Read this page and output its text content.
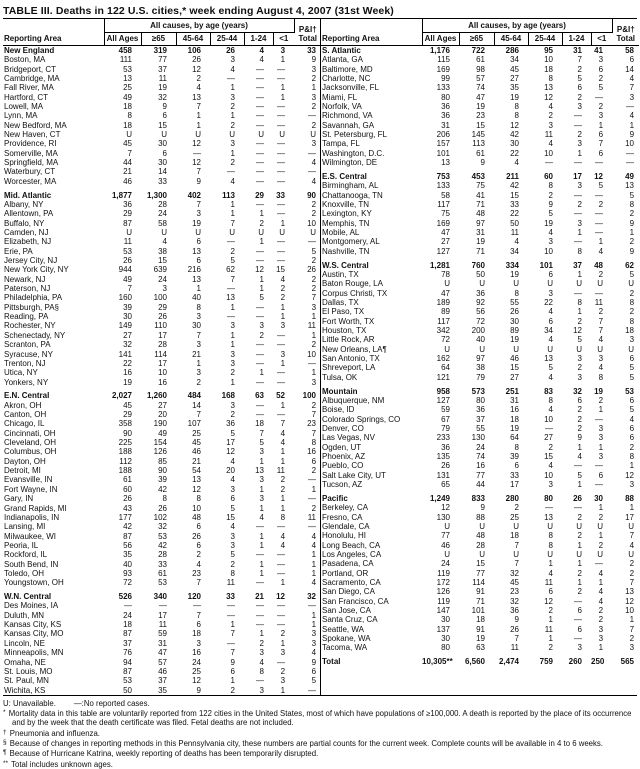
TABLE III. Deaths in 122 U.S. cities,* week ending August 4, 2007 (31st Week)
Reporting Area	All causes, by age (years)						P&I†
Total

	All Ages	≥65	45-64	25-44	1-24	<1	
New England	458	319	106	26	4	3	33
Boston, MA	111	77	26	3	4	1	9
Bridgeport, CT	53	37	12	4	—	—	3
Cambridge, MA	13	11	2	—	—	—	2
Fall River, MA	25	19	4	1	—	1	1
Hartford, CT	49	32	13	3	—	1	3
Lowell, MA	18	9	7	2	—	—	2
Lynn, MA	8	6	1	1	—	—	—
New Bedford, MA	18	15	1	2	—	—	2
New Haven, CT	U	U	U	U	U	U	U
Providence, RI	45	30	12	3	—	—	3
Somerville, MA	7	6	—	1	—	—	—
Springfield, MA	44	30	12	2	—	—	4
Waterbury, CT	21	14	7	—	—	—	—
Worcester, MA	46	33	9	4	—	—	4

Mid. Atlantic	1,877	1,300	402	113	29	33	90
Albany, NY	36	28	7	1	—	—	2
Allentown, PA	29	24	3	1	1	—	2
Buffalo, NY	87	58	19	7	2	1	10
Camden, NJ	U	U	U	U	U	U	U
Elizabeth, NJ	11	4	6	—	1	—	—
Erie, PA	53	38	13	2	—	—	5
Jersey City, NJ	26	15	6	5	—	—	2
New York City, NY	944	639	216	62	12	15	26
Newark, NJ	49	24	13	7	1	4	2
Paterson, NJ	7	3	1	—	1	2	2
Philadelphia, PA	160	100	40	13	5	2	7
Pittsburgh, PA§	39	29	8	1	—	1	3
Reading, PA	30	26	3	—	—	1	1
Rochester, NY	149	110	30	3	3	3	11
Schenectady, NY	27	17	7	1	2	—	1
Scranton, PA	32	28	3	1	—	—	2
Syracuse, NY	141	114	21	3	—	3	10
Trenton, NJ	22	17	1	3	—	1	—
Utica, NY	16	10	3	2	1	—	1
Yonkers, NY	19	16	2	1	—	—	3

E.N. Central	2,027	1,260	484	168	63	52	100
Akron, OH	45	27	14	3	—	1	2
Canton, OH	29	20	7	2	—	—	7
Chicago, IL	358	190	107	36	18	7	23
Cincinnati, OH	90	49	25	5	7	4	7
Cleveland, OH	225	154	45	17	5	4	8
Columbus, OH	188	126	46	12	3	1	16
Dayton, OH	112	85	21	4	1	1	6
Detroit, MI	188	90	54	20	13	11	2
Evansville, IN	61	39	13	4	3	2	—
Fort Wayne, IN	60	42	12	3	1	2	1
Gary, IN	26	8	8	6	3	1	—
Grand Rapids, MI	43	26	10	5	1	1	2
Indianapolis, IN	177	102	48	15	4	8	11
Lansing, MI	42	32	6	4	—	—	—
Milwaukee, WI	87	53	26	3	1	4	4
Peoria, IL	56	42	6	3	1	4	4
Rockford, IL	35	28	2	5	—	—	1
South Bend, IN	40	33	4	2	1	—	1
Toledo, OH	93	61	23	8	1	—	1
Youngstown, OH	72	53	7	11	—	1	4

W.N. Central	526	340	120	33	21	12	32
Des Moines, IA	—	—	—	—	—	—	—
Duluth, MN	24	17	7	—	—	—	1
Kansas City, KS	18	11	6	1	—	—	1
Kansas City, MO	87	59	18	7	1	2	3
Lincoln, NE	37	31	3	—	2	1	3
Minneapolis, MN	76	47	16	7	3	3	4
Omaha, NE	94	57	24	9	4	—	9
St. Louis, MO	87	46	25	6	8	2	6
St. Paul, MN	53	37	12	1	—	3	5
Wichita, KS	50	35	9	2	3	1	—
Reporting Area	All causes, by age (years)						P&I†
Total

	All Ages	≥65	45-64	25-44	1-24	<1	
S. Atlantic	1,176	722	286	95	31	41	58
Atlanta, GA	115	61	34	10	7	3	6
Baltimore, MD	169	98	45	18	2	6	14
Charlotte, NC	99	57	27	8	5	2	4
Jacksonville, FL	133	74	35	13	6	5	7
Miami, FL	80	47	19	12	2	—	3
Norfolk, VA	36	19	8	4	3	2	—
Richmond, VA	36	23	8	2	—	3	4
Savannah, GA	31	15	12	3	—	1	1
St. Petersburg, FL	206	145	42	11	2	6	9
Tampa, FL	157	113	30	4	3	7	10
Washington, D.C.	101	61	22	10	1	6	—
Wilmington, DE	13	9	4	—	—	—	—

E.S. Central	753	453	211	60	17	12	49
Birmingham, AL	133	75	42	8	3	5	13
Chattanooga, TN	58	41	15	2	—	—	5
Knoxville, TN	117	71	33	9	2	2	8
Lexington, KY	75	48	22	5	—	—	2
Memphis, TN	169	97	50	19	3	—	9
Mobile, AL	47	31	11	4	1	—	1
Montgomery, AL	27	19	4	3	—	1	2
Nashville, TN	127	71	34	10	8	4	9

W.S. Central	1,281	760	334	101	37	48	62
Austin, TX	78	50	19	6	1	2	5
Baton Rouge, LA	U	U	U	U	U	U	U
Corpus Christi, TX	47	36	8	3	—	—	2
Dallas, TX	189	92	55	22	8	11	8
El Paso, TX	89	56	26	4	1	2	2
Fort Worth, TX	117	72	30	6	2	7	8
Houston, TX	342	200	89	34	12	7	18
Little Rock, AR	72	40	19	4	5	4	3
New Orleans, LA¶	U	U	U	U	U	U	U
San Antonio, TX	162	97	46	13	3	3	6
Shreveport, LA	64	38	15	5	2	4	5
Tulsa, OK	121	79	27	4	3	8	5

Mountain	958	573	251	83	32	19	53
Albuquerque, NM	127	80	31	8	6	2	6
Boise, ID	59	36	16	4	2	1	5
Colorado Springs, CO	67	37	18	10	2	—	4
Denver, CO	79	55	19	—	2	3	6
Las Vegas, NV	233	130	64	27	9	3	6
Ogden, UT	36	24	8	2	1	1	2
Phoenix, AZ	135	74	39	15	4	3	8
Pueblo, CO	26	16	6	4	—	—	1
Salt Lake City, UT	131	77	33	10	5	6	12
Tucson, AZ	65	44	17	3	1	—	3

Pacific	1,249	833	280	80	26	30	88
Berkeley, CA	12	9	2	—	—	1	1
Fresno, CA	130	88	25	13	2	2	17
Glendale, CA	U	U	U	U	U	U	U
Honolulu, HI	77	48	18	8	2	1	7
Long Beach, CA	46	28	7	8	1	2	4
Los Angeles, CA	U	U	U	U	U	U	U
Pasadena, CA	24	15	7	1	1	—	2
Portland, OR	119	77	32	4	2	4	2
Sacramento, CA	172	114	45	11	1	1	7
San Diego, CA	126	91	23	6	2	4	13
San Francisco, CA	119	71	32	12	—	4	12
San Jose, CA	147	101	36	2	6	2	10
Santa Cruz, CA	30	18	9	1	—	2	1
Seattle, WA	137	91	26	11	6	3	7
Spokane, WA	30	19	7	1	—	3	2
Tacoma, WA	80	63	11	2	3	1	3

Total	10,305**	6,560	2,474	759	260	250	565
U: Unavailable. —:No reported cases.
* Mortality data in this table are voluntarily reported from 122 cities in the United States, most of which have populations of ≥100,000. A death is reported by the place of its occurrence and by the week that the death certificate was filed. Fetal deaths are not included.
† Pneumonia and influenza.
§ Because of changes in reporting methods in this Pennsylvania city, these numbers are partial counts for the current week. Complete counts will be available in 4 to 6 weeks.
¶ Because of Hurricane Katrina, weekly reporting of deaths has been temporarily disrupted.
** Total includes unknown ages.
